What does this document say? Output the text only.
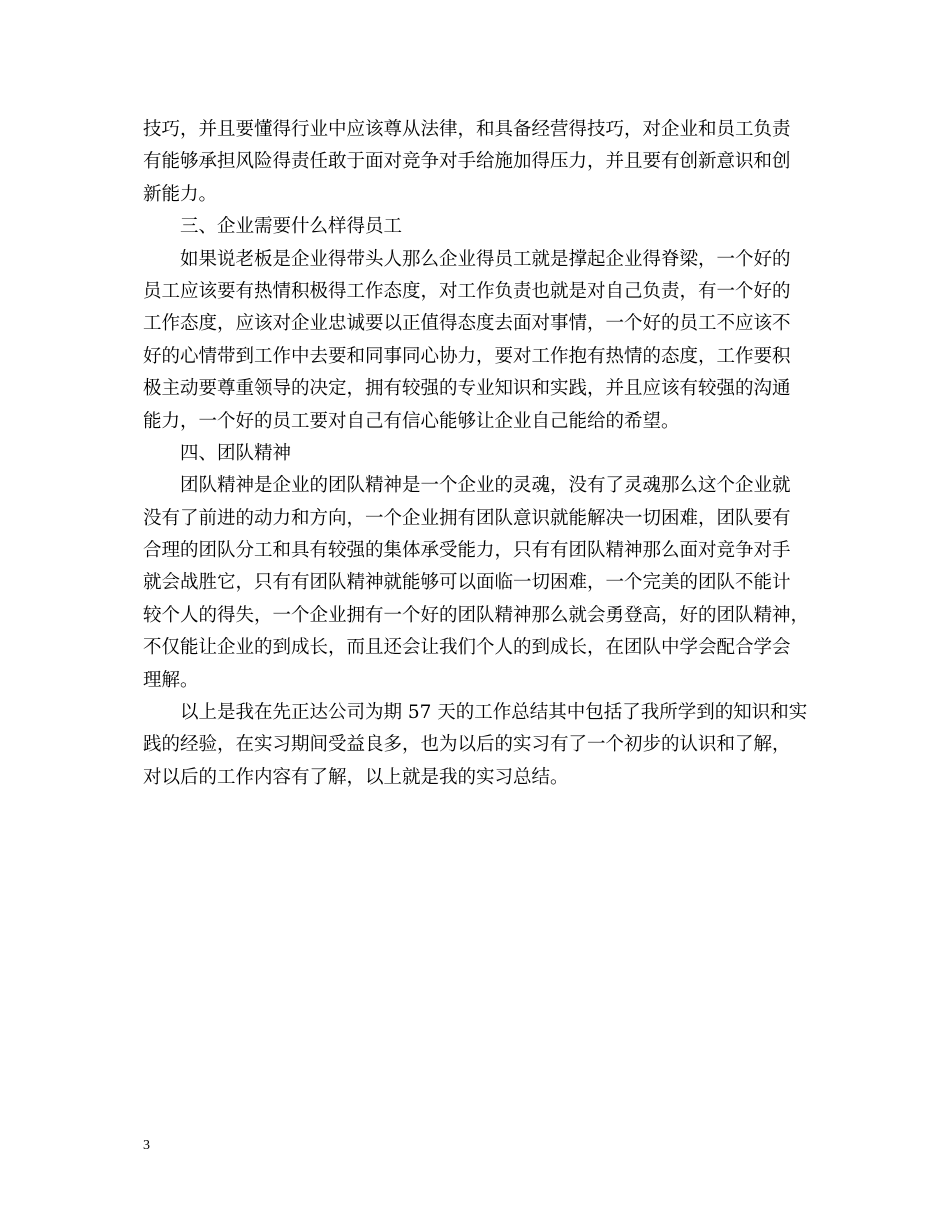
技巧，并且要懂得行业中应该尊从法律，和具备经营得技巧，对企业和员工负责
有能够承担风险得责任敢于面对竞争对手给施加得压力，并且要有创新意识和创
新能力。
三、企业需要什么样得员工
如果说老板是企业得带头人那么企业得员工就是撑起企业得脊梁，一个好的
员工应该要有热情积极得工作态度，对工作负责也就是对自己负责，有一个好的
工作态度，应该对企业忠诚要以正值得态度去面对事情，一个好的员工不应该不
好的心情带到工作中去要和同事同心协力，要对工作抱有热情的态度，工作要积
极主动要尊重领导的决定，拥有较强的专业知识和实践，并且应该有较强的沟通
能力，一个好的员工要对自己有信心能够让企业自己能给的希望。
四、团队精神
团队精神是企业的团队精神是一个企业的灵魂，没有了灵魂那么这个企业就
没有了前进的动力和方向，一个企业拥有团队意识就能解决一切困难，团队要有
合理的团队分工和具有较强的集体承受能力，只有有团队精神那么面对竞争对手
就会战胜它，只有有团队精神就能够可以面临一切困难，一个完美的团队不能计
较个人的得失，一个企业拥有一个好的团队精神那么就会勇登高，好的团队精神，
不仅能让企业的到成长，而且还会让我们个人的到成长，在团队中学会配合学会
理解。
以上是我在先正达公司为期 57 天的工作总结其中包括了我所学到的知识和实
践的经验，在实习期间受益良多，也为以后的实习有了一个初步的认识和了解，
对以后的工作内容有了解，以上就是我的实习总结。
3
